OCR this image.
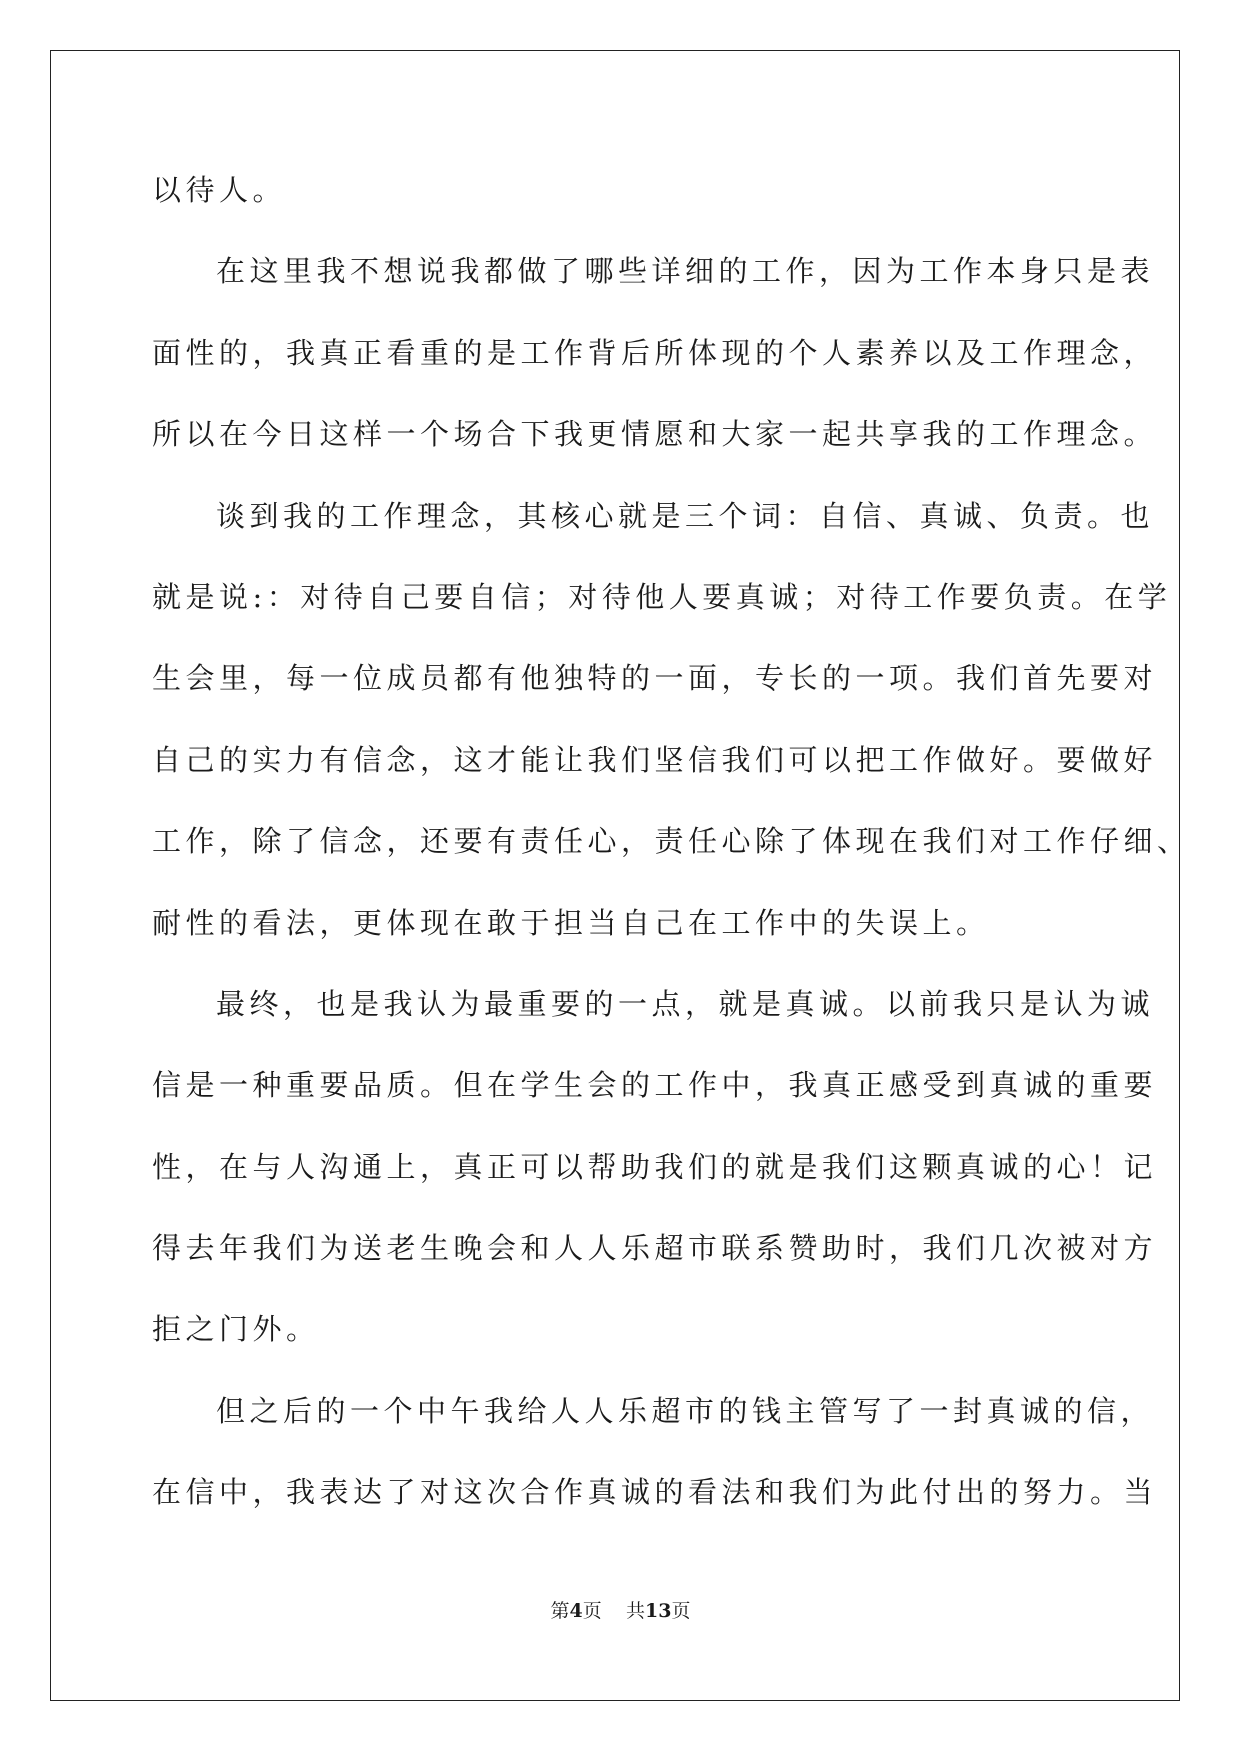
以待人。
在这里我不想说我都做了哪些详细的工作，因为工作本身只是表
面性的，我真正看重的是工作背后所体现的个人素养以及工作理念，
所以在今日这样一个场合下我更情愿和大家一起共享我的工作理念。
谈到我的工作理念，其核心就是三个词：自信、真诚、负责。也
就是说:：对待自己要自信；对待他人要真诚；对待工作要负责。在学
生会里，每一位成员都有他独特的一面，专长的一项。我们首先要对
自己的实力有信念，这才能让我们坚信我们可以把工作做好。要做好
工作，除了信念，还要有责任心，责任心除了体现在我们对工作仔细、
耐性的看法，更体现在敢于担当自己在工作中的失误上。
最终，也是我认为最重要的一点，就是真诚。以前我只是认为诚
信是一种重要品质。但在学生会的工作中，我真正感受到真诚的重要
性，在与人沟通上，真正可以帮助我们的就是我们这颗真诚的心！记
得去年我们为送老生晚会和人人乐超市联系赞助时，我们几次被对方
拒之门外。
但之后的一个中午我给人人乐超市的钱主管写了一封真诚的信，
在信中，我表达了对这次合作真诚的看法和我们为此付出的努力。当
第4页 共13页
